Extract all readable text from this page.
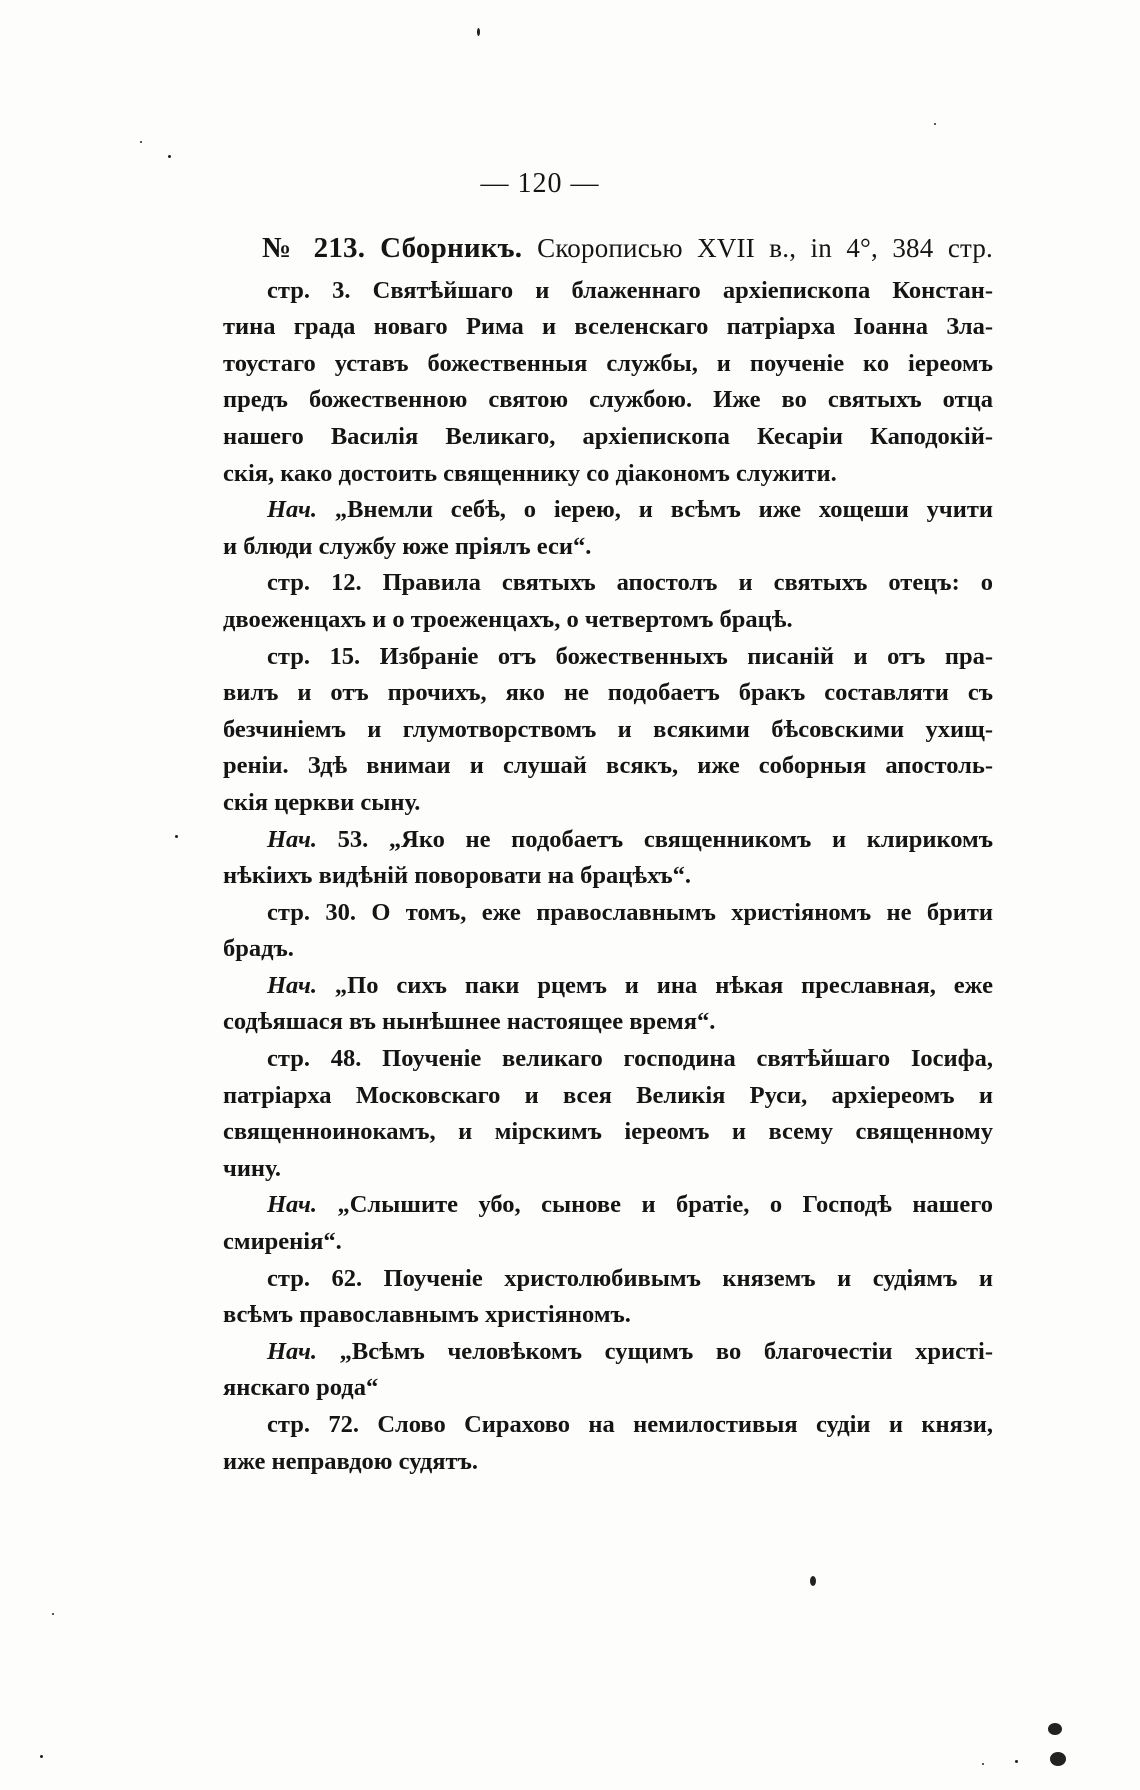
— 120 —
№ 213. Сборникъ. Скорописью XVII в., in 4°, 384 стр.
стр. 3. Святѣйшаго и блаженнаго архіепископа Констан-
тина града новаго Рима и вселенскаго патріарха Іоанна Зла-
тоустаго уставъ божественныя службы, и поученіе ко іереомъ
предъ божественною святою службою. Иже во святыхъ отца
нашего Василія Великаго, архіепископа Кесаріи Каподокій-
скія, како достоить священнику со діакономъ служити.
Нач. „Внемли себѣ, о іерею, и всѣмъ иже хощеши учити
и блюди службу юже пріялъ еси“.
стр. 12. Правила святыхъ апостолъ и святыхъ отецъ: о
двоеженцахъ и о троеженцахъ, о четвертомъ брацѣ.
стр. 15. Избраніе отъ божественныхъ писаній и отъ пра-
вилъ и отъ прочихъ, яко не подобаетъ бракъ составляти съ
безчиніемъ и глумотворствомъ и всякими бѣсовскими ухищ-
реніи. Здѣ внимаи и слушай всякъ, иже соборныя апостоль-
скія церкви сыну.
Нач. 53. „Яко не подобаетъ священникомъ и клирикомъ
нѣкіихъ видѣній поворовати на брацѣхъ“.
стр. 30. О томъ, еже православнымъ христіяномъ не брити
брадъ.
Нач. „По сихъ паки рцемъ и ина нѣкая преславная, еже
содѣяшася въ нынѣшнее настоящее время“.
стр. 48. Поученіе великаго господина святѣйшаго Іосифа,
патріарха Московскаго и всея Великія Руси, архіереомъ и
священноинокамъ, и мірскимъ іереомъ и всему священному
чину.
Нач. „Слышите убо, сынове и братіе, о Господѣ нашего
смиренія“.
стр. 62. Поученіе христолюбивымъ княземъ и судіямъ и
всѣмъ православнымъ христіяномъ.
Нач. „Всѣмъ человѣкомъ сущимъ во благочестіи христі-
янскаго рода“
стр. 72. Слово Сирахово на немилостивыя судіи и князи,
иже неправдою судятъ.
